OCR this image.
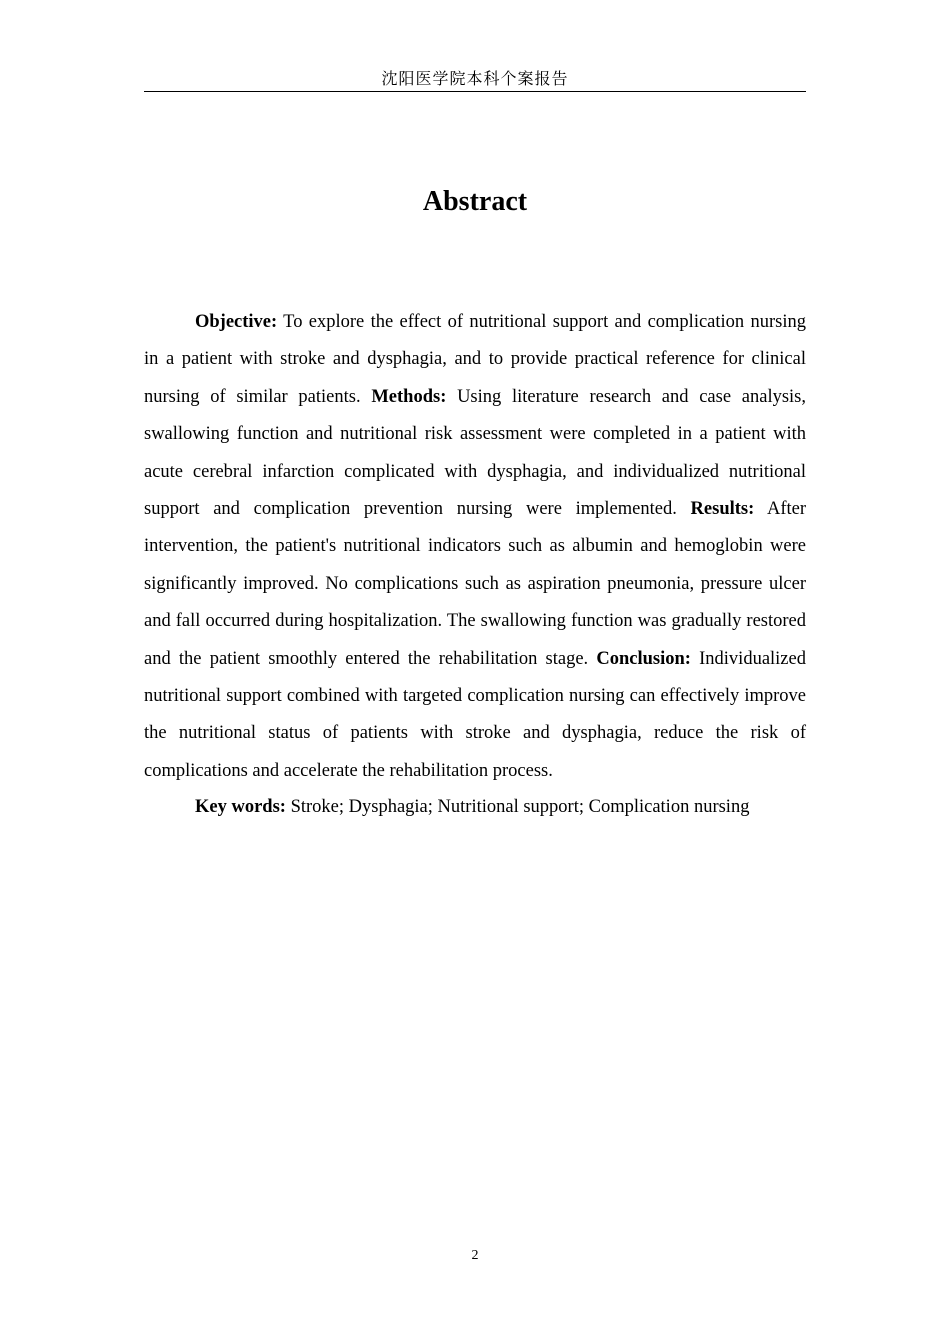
沈阳医学院本科个案报告
Abstract

Objective: To explore the effect of nutritional support and complication nursing in a patient with stroke and dysphagia, and to provide practical reference for clinical nursing of similar patients. Methods: Using literature research and case analysis, swallowing function and nutritional risk assessment were completed in a patient with acute cerebral infarction complicated with dysphagia, and individualized nutritional support and complication prevention nursing were implemented. Results: After intervention, the patient's nutritional indicators such as albumin and hemoglobin were significantly improved. No complications such as aspiration pneumonia, pressure ulcer and fall occurred during hospitalization. The swallowing function was gradually restored and the patient smoothly entered the rehabilitation stage. Conclusion: Individualized nutritional support combined with targeted complication nursing can effectively improve the nutritional status of patients with stroke and dysphagia, reduce the risk of complications and accelerate the rehabilitation process.

Key words: Stroke; Dysphagia; Nutritional support; Complication nursing

2
